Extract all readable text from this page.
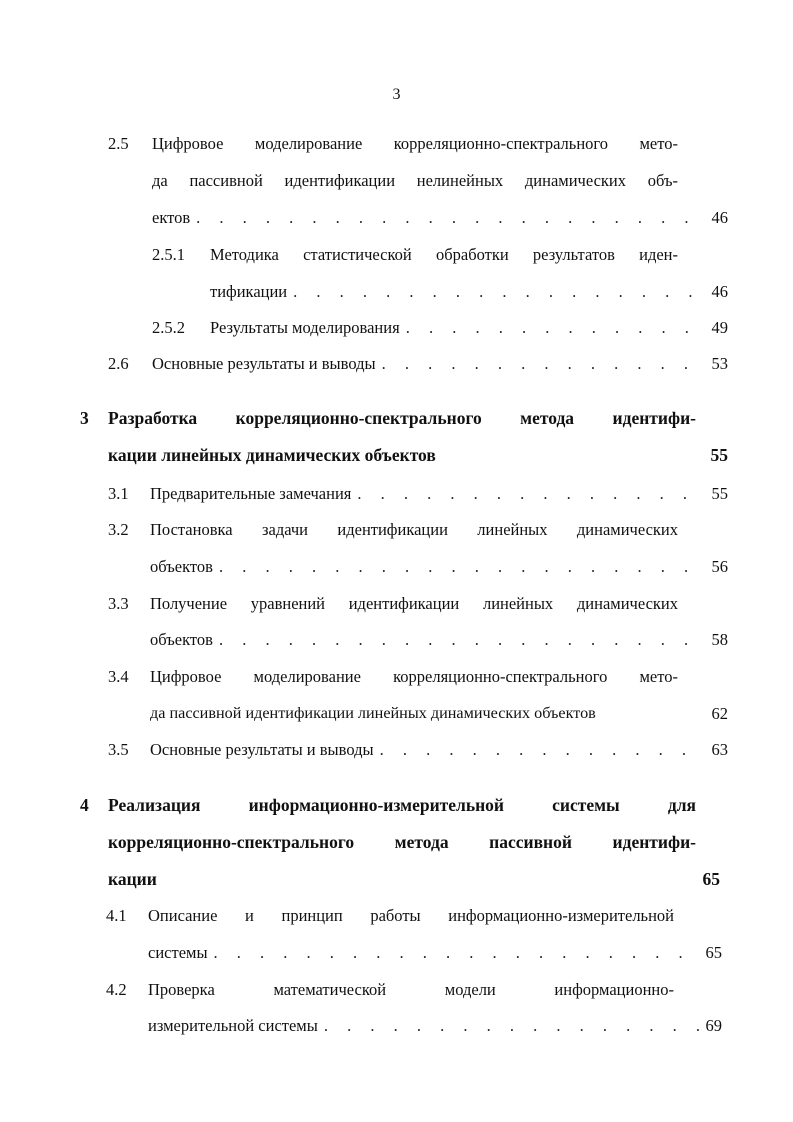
3
2.5 Цифровое моделирование корреляционно-спектрального мето-
да пассивной идентификации нелинейных динамических объ-
ектов . . .	46
2.5.1 Методика статистической обработки результатов иден-
тификации . . .	46
2.5.2 Результаты моделирования . . .	49
2.6 Основные результаты и выводы . . .	53
3 Разработка корреляционно-спектрального метода идентифи-
кации линейных динамических объектов	55
3.1 Предварительные замечания . . .	55
3.2 Постановка задачи идентификации линейных динамических
объектов . . .	56
3.3 Получение уравнений идентификации линейных динамических
объектов . . .	58
3.4 Цифровое моделирование корреляционно-спектрального мето-
да пассивной идентификации линейных динамических объектов	62
3.5 Основные результаты и выводы . . .	63
4 Реализация информационно-измерительной системы для
корреляционно-спектрального метода пассивной идентифи-
кации	65
4.1 Описание и принцип работы информационно-измерительной
системы . . .	65
4.2 Проверка математической модели информационно-
измерительной системы . . .	69
